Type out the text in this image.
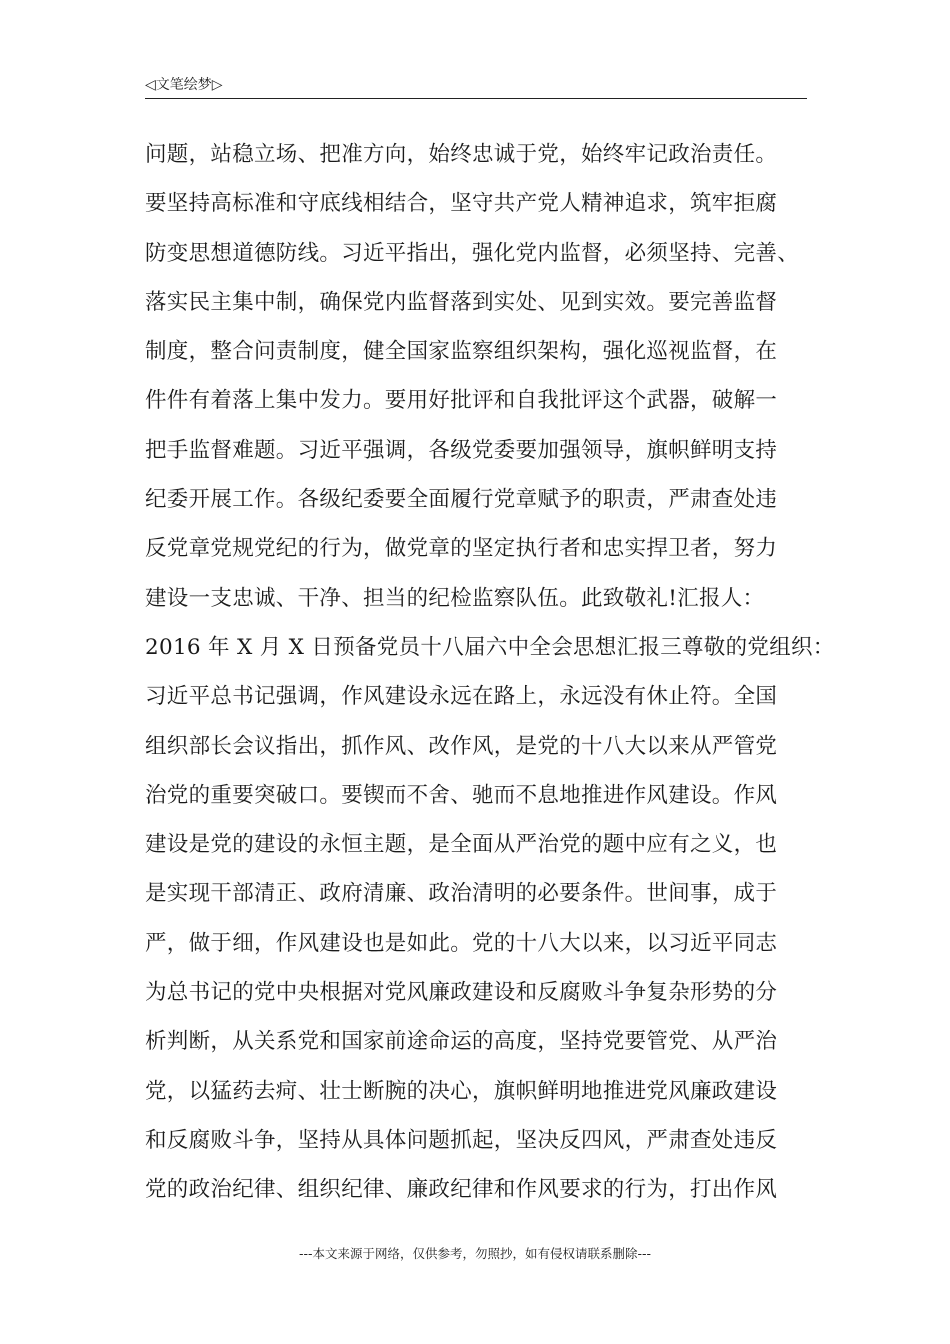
◁文笔绘梦▷
问题，站稳立场、把准方向，始终忠诚于党，始终牢记政治责任。
要坚持高标准和守底线相结合，坚守共产党人精神追求，筑牢拒腐
防变思想道德防线。习近平指出，强化党内监督，必须坚持、完善、
落实民主集中制，确保党内监督落到实处、见到实效。要完善监督
制度，整合问责制度，健全国家监察组织架构，强化巡视监督，在
件件有着落上集中发力。要用好批评和自我批评这个武器，破解一
把手监督难题。习近平强调，各级党委要加强领导，旗帜鲜明支持
纪委开展工作。各级纪委要全面履行党章赋予的职责，严肃查处违
反党章党规党纪的行为，做党章的坚定执行者和忠实捍卫者，努力
建设一支忠诚、干净、担当的纪检监察队伍。此致敬礼!汇报人：
2016 年 X 月 X 日预备党员十八届六中全会思想汇报三尊敬的党组织：
习近平总书记强调，作风建设永远在路上，永远没有休止符。全国
组织部长会议指出，抓作风、改作风，是党的十八大以来从严管党
治党的重要突破口。要锲而不舍、驰而不息地推进作风建设。作风
建设是党的建设的永恒主题，是全面从严治党的题中应有之义，也
是实现干部清正、政府清廉、政治清明的必要条件。世间事，成于
严，做于细，作风建设也是如此。党的十八大以来，以习近平同志
为总书记的党中央根据对党风廉政建设和反腐败斗争复杂形势的分
析判断，从关系党和国家前途命运的高度，坚持党要管党、从严治
党，以猛药去疴、壮士断腕的决心，旗帜鲜明地推进党风廉政建设
和反腐败斗争，坚持从具体问题抓起，坚决反四风，严肃查处违反
党的政治纪律、组织纪律、廉政纪律和作风要求的行为，打出作风
---本文来源于网络，仅供参考，勿照抄，如有侵权请联系删除---
